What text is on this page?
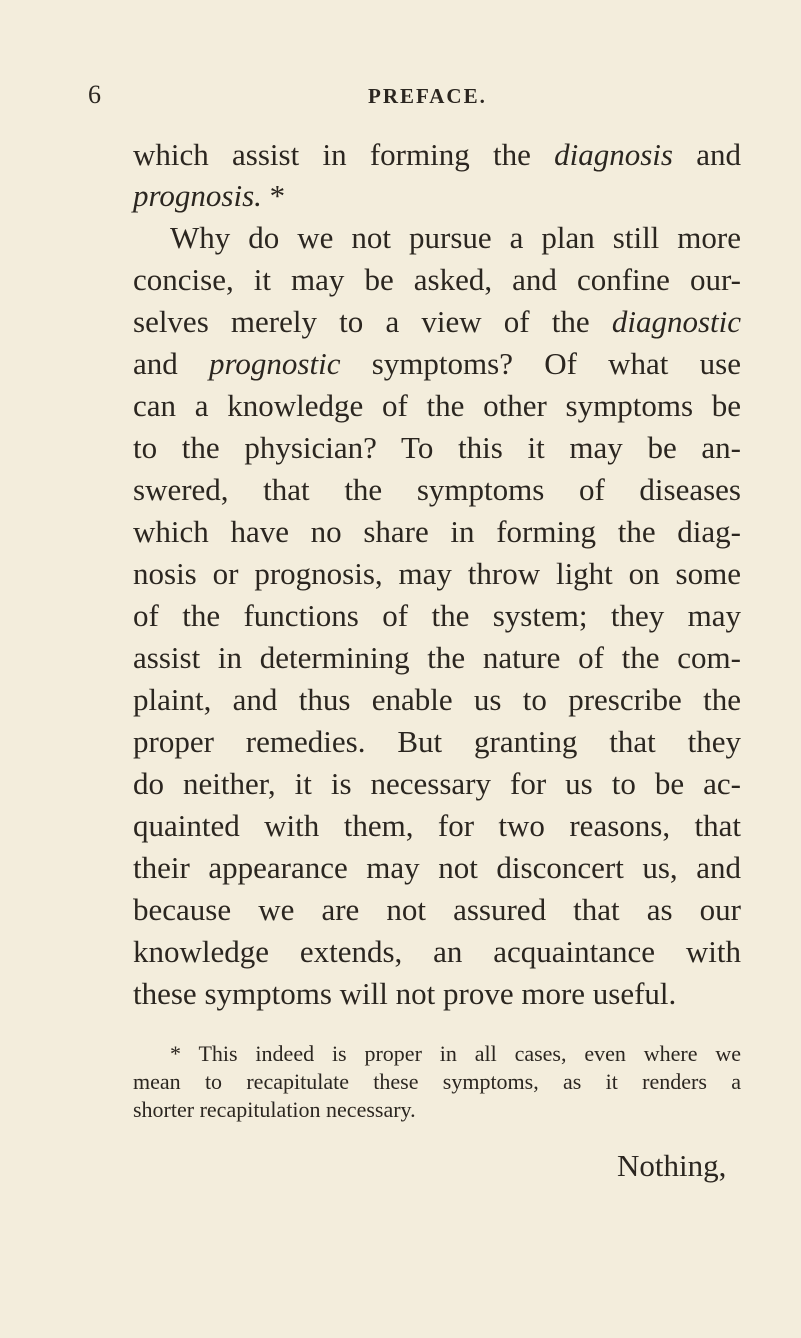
6	PREFACE.
which assist in forming the diagnosis and
prognosis. *
Why do we not pursue a plan still more
concise, it may be asked, and confine our-
selves merely to a view of the diagnostic
and prognostic symptoms? Of what use
can a knowledge of the other symptoms be
to the physician? To this it may be an-
swered, that the symptoms of diseases
which have no share in forming the diag-
nosis or prognosis, may throw light on some
of the functions of the system; they may
assist in determining the nature of the com-
plaint, and thus enable us to prescribe the
proper remedies. But granting that they
do neither, it is necessary for us to be ac-
quainted with them, for two reasons, that
their appearance may not disconcert us, and
because we are not assured that as our
knowledge extends, an acquaintance with
these symptoms will not prove more useful.
* This indeed is proper in all cases, even where we
mean to recapitulate these symptoms, as it renders a
shorter recapitulation necessary.
Nothing,
